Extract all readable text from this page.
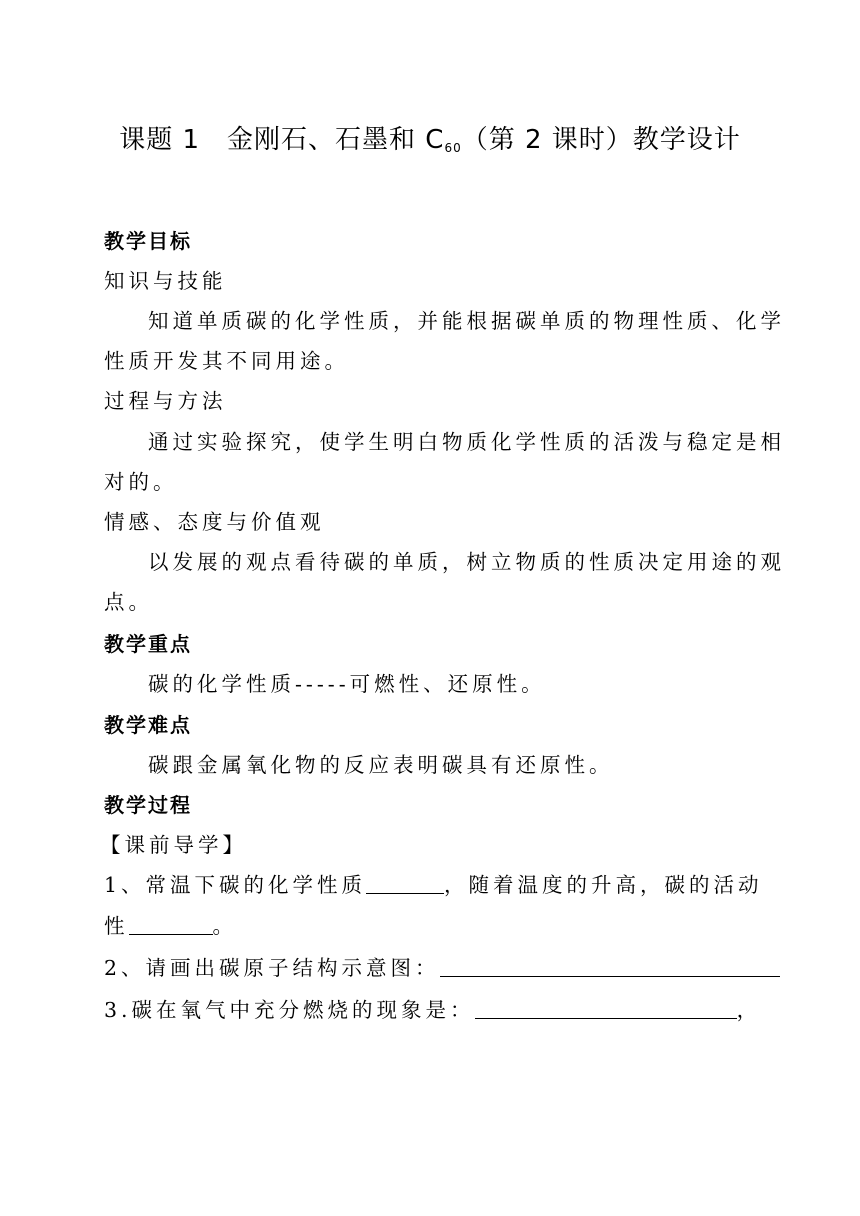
课题 1　金刚石、石墨和 $C_{60}$（第 2 课时）教学设计
教学目标
知识与技能
知道单质碳的化学性质，并能根据碳单质的物理性质、化学
性质开发其不同用途。
过程与方法
通过实验探究，使学生明白物质化学性质的活泼与稳定是相
对的。
情感、态度与价值观
以发展的观点看待碳的单质，树立物质的性质决定用途的观
点。
教学重点
碳的化学性质-----可燃性、还原性。
教学难点
碳跟金属氧化物的反应表明碳具有还原性。
教学过程
【课前导学】
1、常温下碳的化学性质	，随着温度的升高，碳的活动
性	。
2、请画出碳原子结构示意图：
3.碳在氧气中充分燃烧的现象是：	，
